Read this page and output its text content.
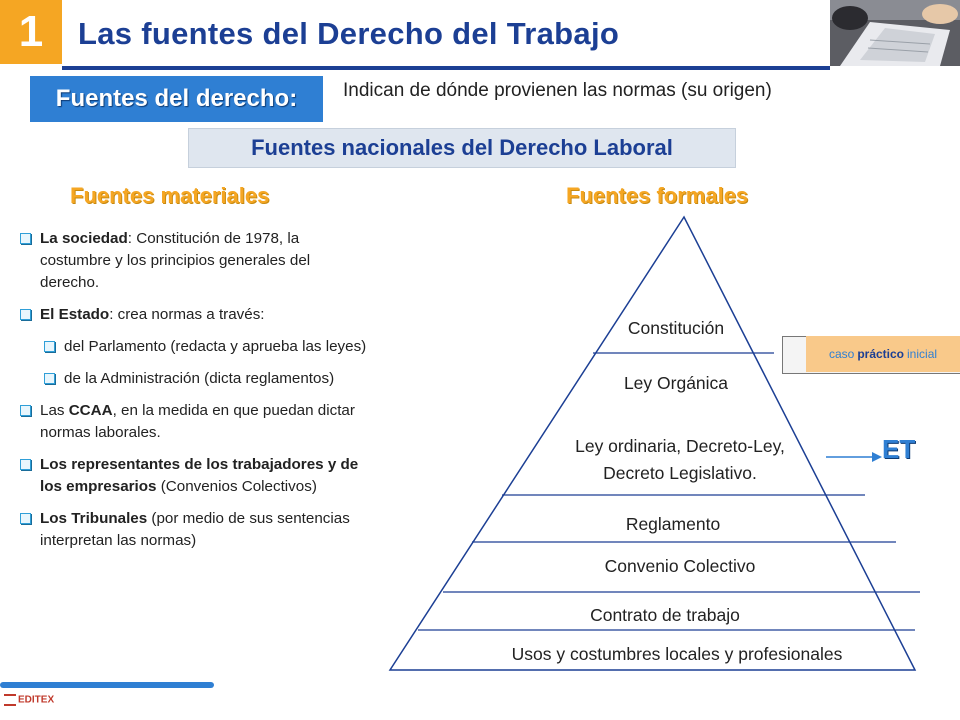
1	Las fuentes del Derecho del Trabajo
Fuentes del derecho:	Indican de dónde provienen las normas (su origen)
Fuentes nacionales del Derecho Laboral
Fuentes materiales	Fuentes formales
La sociedad: Constitución de 1978, la costumbre y los principios generales del derecho.
El Estado: crea normas a través:
del Parlamento (redacta y aprueba las leyes)
de la Administración (dicta reglamentos)
Las CCAA, en la medida en que puedan dictar normas laborales.
Los representantes de los trabajadores y de los empresarios (Convenios Colectivos)
Los Tribunales (por medio de sus sentencias interpretan las normas)
Constitución
Ley Orgánica
Ley ordinaria, Decreto-Ley,
Decreto Legislativo.
Reglamento
Convenio Colectivo
Contrato de trabajo
Usos y costumbres locales y profesionales
caso práctico inicial
ET
EDITEX
